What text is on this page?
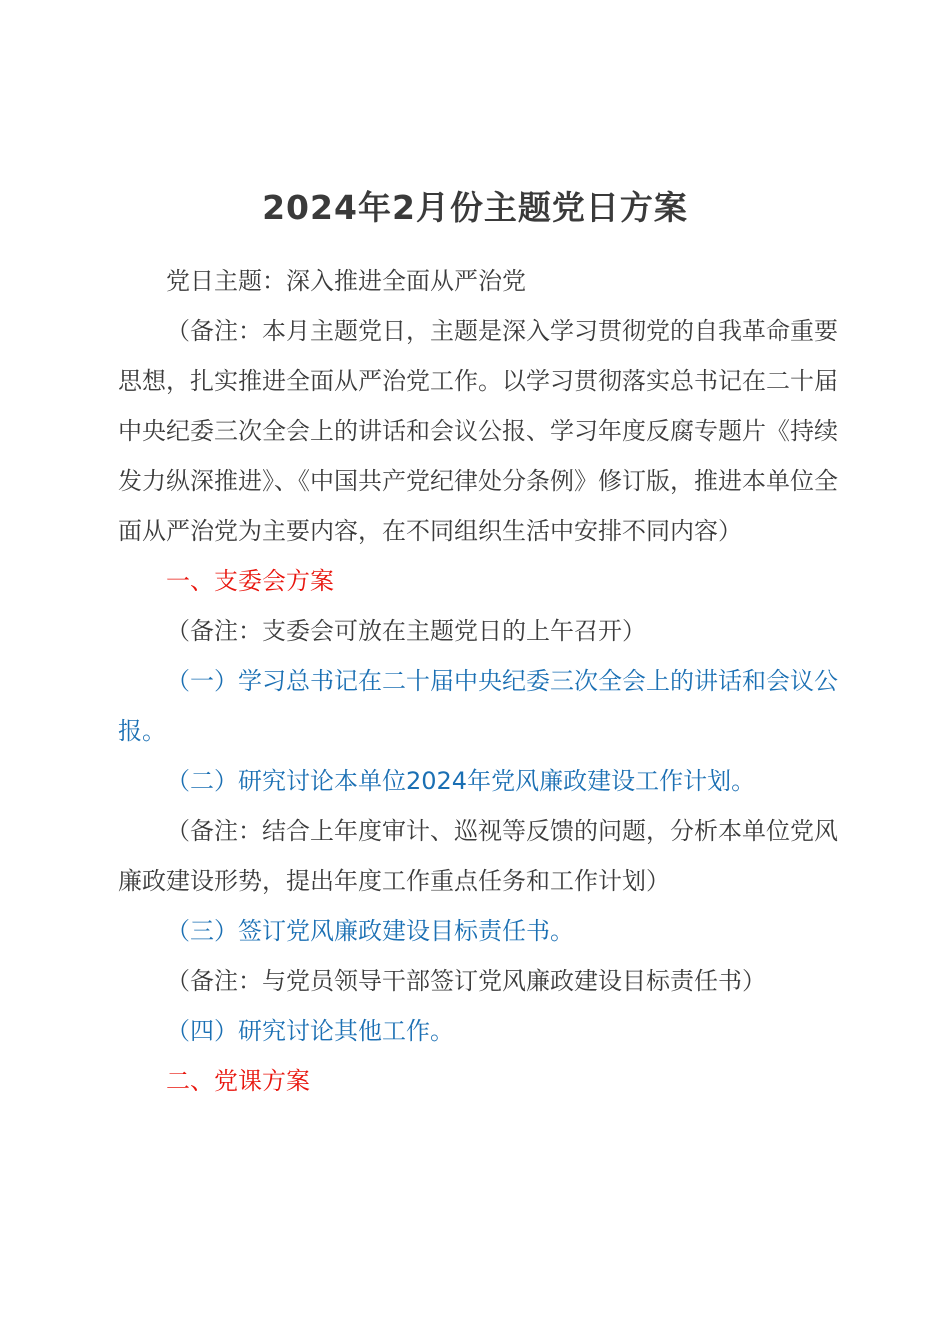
2024年2月份主题党日方案

党日主题：深入推进全面从严治党

（备注：本月主题党日，主题是深入学习贯彻党的自我革命重要思想，扎实推进全面从严治党工作。以学习贯彻落实总书记在二十届中央纪委三次全会上的讲话和会议公报、学习年度反腐专题片《持续发力纵深推进》、《中国共产党纪律处分条例》修订版，推进本单位全面从严治党为主要内容，在不同组织生活中安排不同内容）

一、支委会方案

（备注：支委会可放在主题党日的上午召开）

（一）学习总书记在二十届中央纪委三次全会上的讲话和会议公报。

（二）研究讨论本单位2024年党风廉政建设工作计划。

（备注：结合上年度审计、巡视等反馈的问题，分析本单位党风廉政建设形势，提出年度工作重点任务和工作计划）

（三）签订党风廉政建设目标责任书。

（备注：与党员领导干部签订党风廉政建设目标责任书）

（四）研究讨论其他工作。

二、党课方案
